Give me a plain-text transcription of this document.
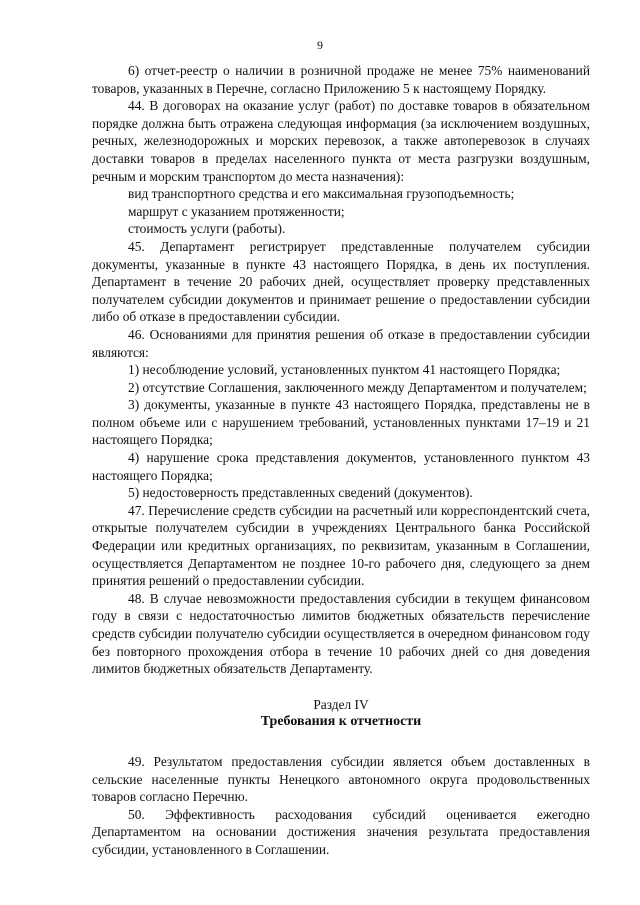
9

6) отчет-реестр о наличии в розничной продаже не менее 75% наименований товаров, указанных в Перечне, согласно Приложению 5 к настоящему Порядку.

44. В договорах на оказание услуг (работ) по доставке товаров в обязательном порядке должна быть отражена следующая информация (за исключением воздушных, речных, железнодорожных и морских перевозок, а также автоперевозок в случаях доставки товаров в пределах населенного пункта от места разгрузки воздушным, речным и морским транспортом до места назначения):

вид транспортного средства и его максимальная грузоподъемность;

маршрут с указанием протяженности;

стоимость услуги (работы).

45. Департамент регистрирует представленные получателем субсидии документы, указанные в пункте 43 настоящего Порядка, в день их поступления. Департамент в течение 20 рабочих дней, осуществляет проверку представленных получателем субсидии документов и принимает решение о предоставлении субсидии либо об отказе в предоставлении субсидии.

46. Основаниями для принятия решения об отказе в предоставлении субсидии являются:

1) несоблюдение условий, установленных пунктом 41 настоящего Порядка;

2) отсутствие Соглашения, заключенного между Департаментом и получателем;

3) документы, указанные в пункте 43 настоящего Порядка, представлены не в полном объеме или с нарушением требований, установленных пунктами 17–19 и 21 настоящего Порядка;

4) нарушение срока представления документов, установленного пунктом 43 настоящего Порядка;

5) недостоверность представленных сведений (документов).

47. Перечисление средств субсидии на расчетный или корреспондентский счета, открытые получателем субсидии в учреждениях Центрального банка Российской Федерации или кредитных организациях, по реквизитам, указанным в Соглашении, осуществляется Департаментом не позднее 10-го рабочего дня, следующего за днем принятия решений о предоставлении субсидии.

48. В случае невозможности предоставления субсидии в текущем финансовом году в связи с недостаточностью лимитов бюджетных обязательств перечисление средств субсидии получателю субсидии осуществляется в очередном финансовом году без повторного прохождения отбора в течение 10 рабочих дней со дня доведения лимитов бюджетных обязательств Департаменту.

Раздел IV

Требования к отчетности

49. Результатом предоставления субсидии является объем доставленных в сельские населенные пункты Ненецкого автономного округа продовольственных товаров согласно Перечню.

50. Эффективность расходования субсидий оценивается ежегодно Департаментом на основании достижения значения результата предоставления субсидии, установленного в Соглашении.
